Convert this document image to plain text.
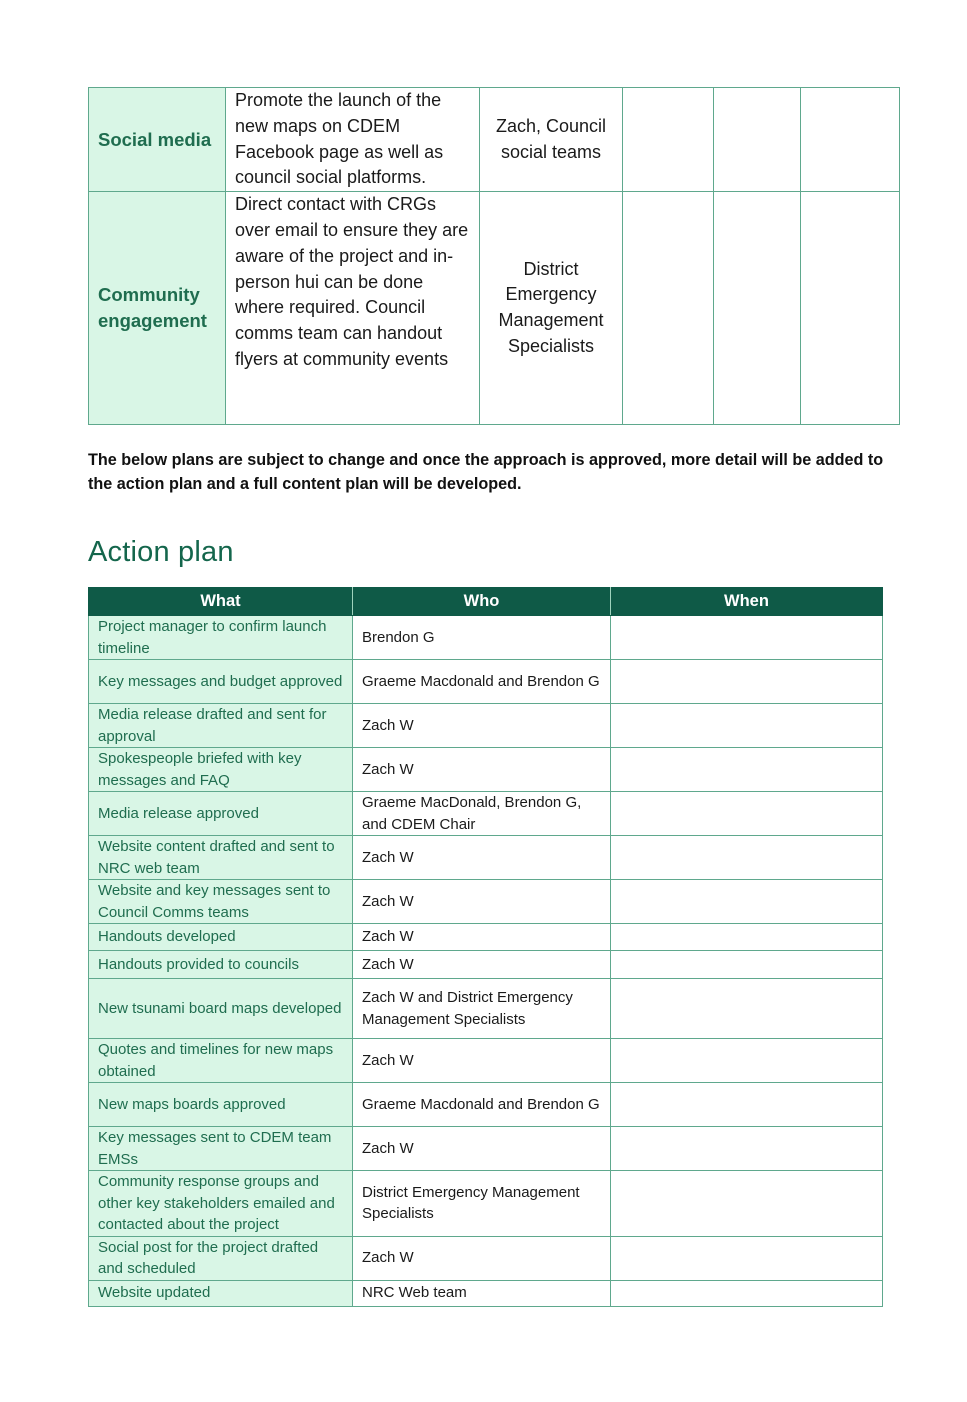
Social media	Promote the launch of the new maps on CDEM Facebook page as well as council social platforms.	Zach, Council social teams			
Community engagement	Direct contact with CRGs over email to ensure they are aware of the project and in-person hui can be done where required. Council comms team can handout flyers at community events	District Emergency Management Specialists			

The below plans are subject to change and once the approach is approved, more detail will be added to the action plan and a full content plan will be developed.

Action plan
What	Who	When
Project manager to confirm launch timeline	Brendon G	
Key messages and budget approved	Graeme Macdonald and Brendon G	
Media release drafted and sent for approval	Zach W	
Spokespeople briefed with key messages and FAQ	Zach W	
Media release approved	Graeme MacDonald, Brendon G, and CDEM Chair	
Website content drafted and sent to NRC web team	Zach W	
Website and key messages sent to Council Comms teams	Zach W	
Handouts developed	Zach W	
Handouts provided to councils	Zach W	
New tsunami board maps developed	Zach W and District Emergency Management Specialists	
Quotes and timelines for new maps obtained	Zach W	
New maps boards approved	Graeme Macdonald and Brendon G	
Key messages sent to CDEM team EMSs	Zach W	
Community response groups and other key stakeholders emailed and contacted about the project	District Emergency Management Specialists	
Social post for the project drafted and scheduled	Zach W	
Website updated	NRC Web team	
